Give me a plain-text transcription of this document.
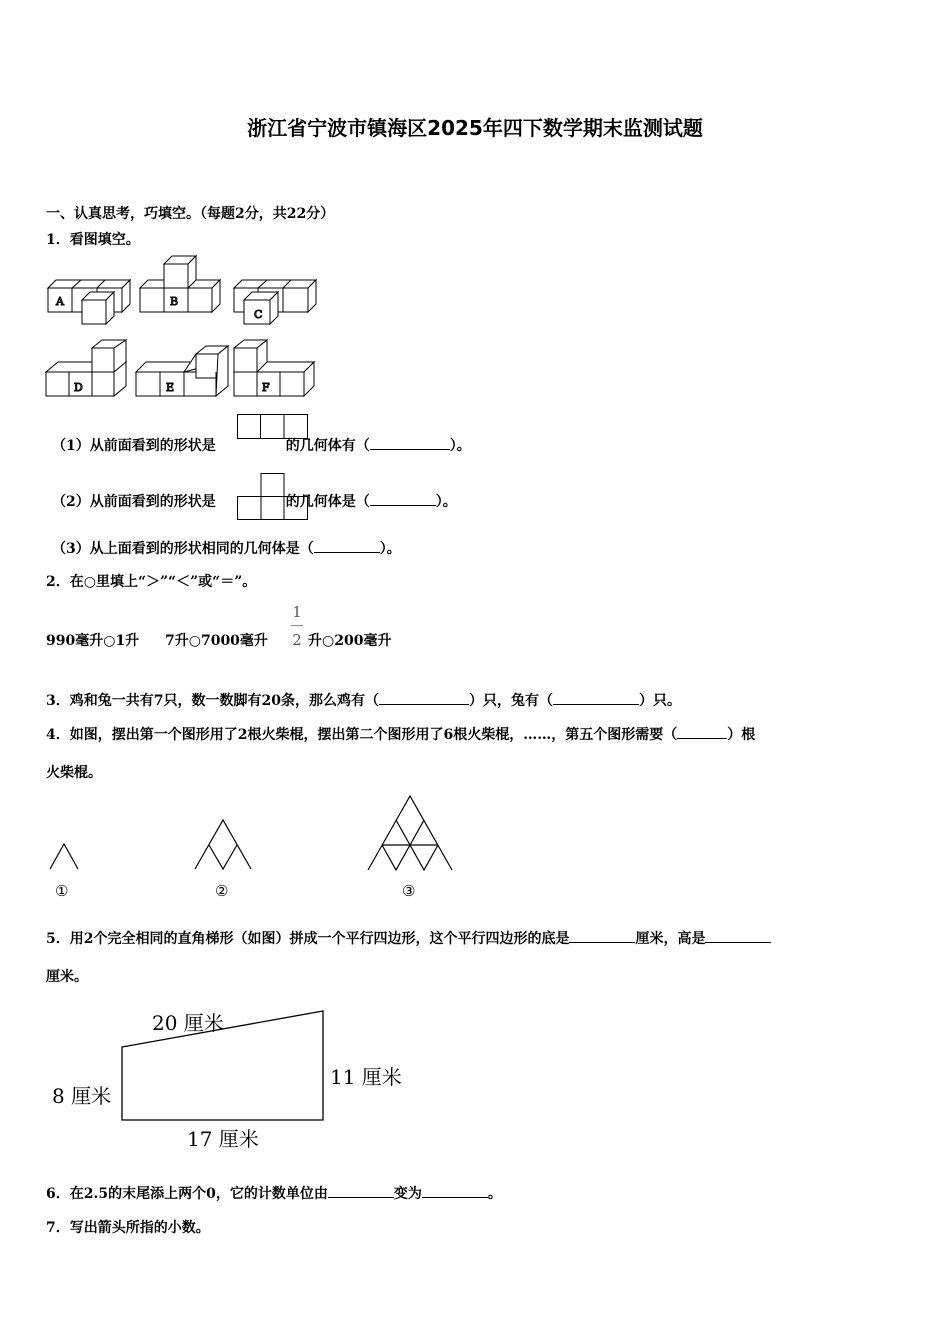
浙江省宁波市镇海区2025年四下数学期末监测试题
一、认真思考，巧填空。（每题2分，共22分）
1．看图填空。
A	B
C
D	E	F
（1）从前面看到的形状是	的几何体有（	）。
（2）从前面看到的形状是	的几何体是（	）。
（3）从上面看到的形状相同的几何体是（	）。
2．在○里填上“＞”“＜”或“＝”。
990毫升○1升 7升○7000毫升
1
2 升○200毫升
3．鸡和兔一共有7只，数一数脚有20条，那么鸡有（	）只，兔有（	）只。
4．如图，摆出第一个图形用了2根火柴棍，摆出第二个图形用了6根火柴棍，……，第五个图形需要（	）根
火柴棍。
①	②	③
5．用2个完全相同的直角梯形（如图）拼成一个平行四边形，这个平行四边形的底是	厘米，高是
厘米。
20 厘米
8 厘米
11 厘米
17 厘米
6．在2.5的末尾添上两个0，它的计数单位由	变为	。
7．写出箭头所指的小数。
